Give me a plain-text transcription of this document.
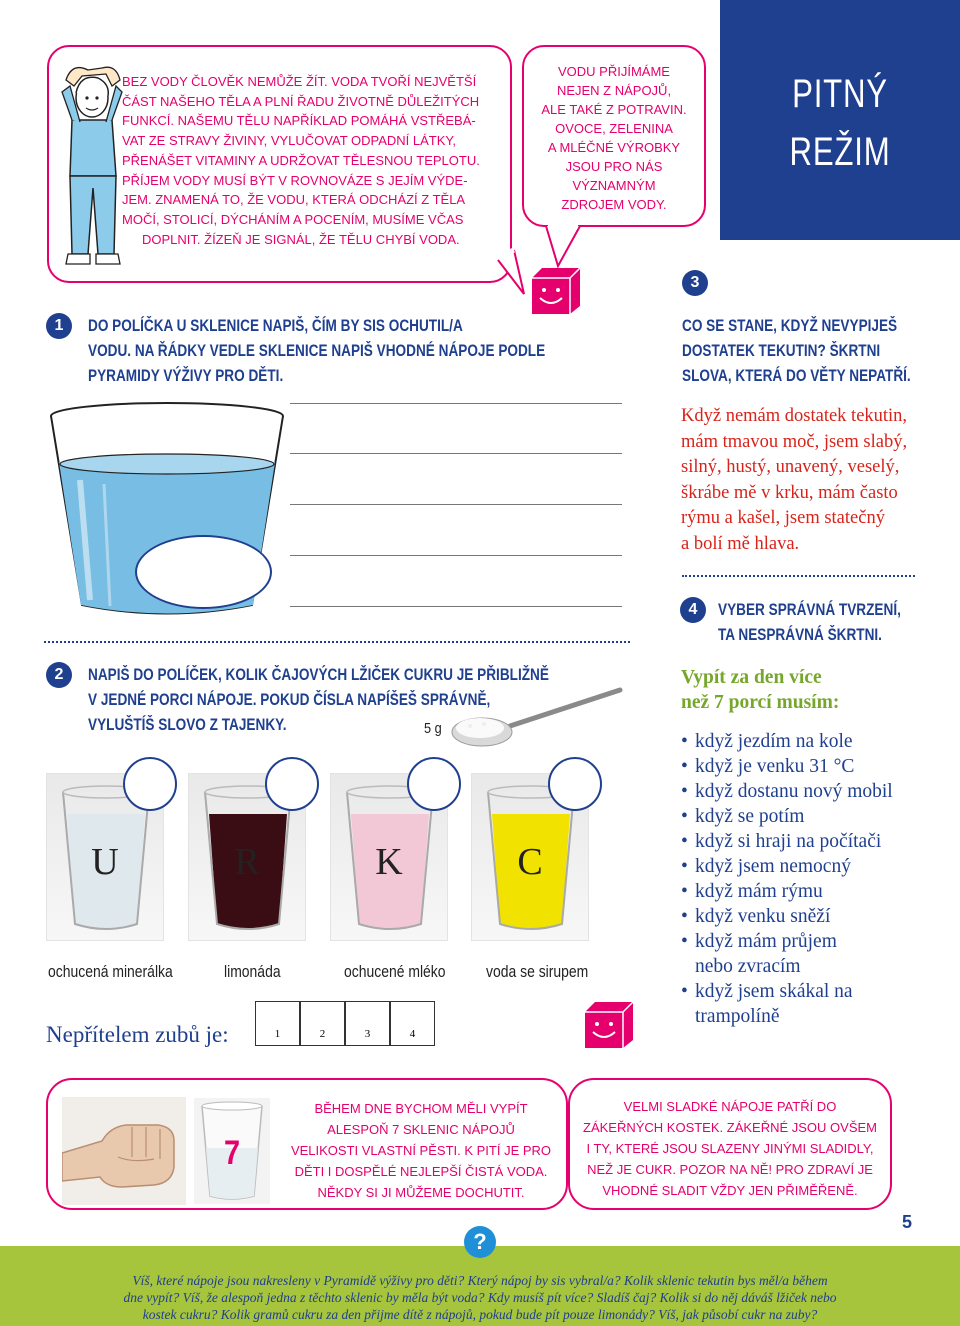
PITNÝ
REŽIM
BEZ VODY ČLOVĚK NEMŮŽE ŽÍT. VODA TVOŘÍ NEJVĚTŠÍ
ČÁST NAŠEHO TĚLA A PLNÍ ŘADU ŽIVOTNĚ DŮLEŽITÝCH
FUNKCÍ. NAŠEMU TĚLU NAPŘÍKLAD POMÁHÁ VSTŘEBÁ-
VAT ZE STRAVY ŽIVINY, VYLUČOVAT ODPADNÍ LÁTKY,
PŘENÁŠET VITAMINY A UDRŽOVAT TĚLESNOU TEPLOTU.
PŘÍJEM VODY MUSÍ BÝT V ROVNOVÁZE S JEJÍM VÝDE-
JEM. ZNAMENÁ TO, ŽE VODU, KTERÁ ODCHÁZÍ Z TĚLA
MOČÍ, STOLICÍ, DÝCHÁNÍM A POCENÍM, MUSÍME VČAS
DOPLNIT. ŽÍZEŇ JE SIGNÁL, ŽE TĚLU CHYBÍ VODA.
VODU PŘIJÍMÁME
NEJEN Z NÁPOJŮ,
ALE TAKÉ Z POTRAVIN.
OVOCE, ZELENINA
A MLÉČNÉ VÝROBKY
JSOU PRO NÁS
VÝZNAMNÝM
ZDROJEM VODY.
1	DO POLÍČKA U SKLENICE NAPIŠ, ČÍM BY SIS OCHUTIL/A
VODU. NA ŘÁDKY VEDLE SKLENICE NAPIŠ VHODNÉ NÁPOJE PODLE
PYRAMIDY VÝŽIVY PRO DĚTI.
2	NAPIŠ DO POLÍČEK, KOLIK ČAJOVÝCH LŽIČEK CUKRU JE PŘIBLIŽNĚ
V JEDNÉ PORCI NÁPOJE. POKUD ČÍSLA NAPÍŠEŠ SPRÁVNĚ,
VYLUŠTÍŠ SLOVO Z TAJENKY.	5 g
U	R	K	C
ochucená minerálka	limonáda	ochucené mléko voda se sirupem
Nepřítelem zubů je:	1	2	3	4
3
CO SE STANE, KDYŽ NEVYPIJEŠ
DOSTATEK TEKUTIN? ŠKRTNI
SLOVA, KTERÁ DO VĚTY NEPATŘÍ.
Když nemám dostatek tekutin,
mám tmavou moč, jsem slabý,
silný, hustý, unavený, veselý,
škrábe mě v krku, mám často
rýmu a kašel, jsem statečný
a bolí mě hlava.
4	VYBER SPRÁVNÁ TVRZENÍ,
TA NESPRÁVNÁ ŠKRTNI.
Vypít za den více
než 7 porcí musím:
• když jezdím na kole
• když je venku 31 °C
• když dostanu nový mobil
• když se potím
• když si hraji na počítači
• když jsem nemocný
• když mám rýmu
• když venku sněží
• když mám průjem
nebo zvracím
• když jsem skákal na
trampolíně
7
BĚHEM DNE BYCHOM MĚLI VYPÍT
ALESPOŇ 7 SKLENIC NÁPOJŮ
VELIKOSTI VLASTNÍ PĚSTI. K PITÍ JE PRO
DĚTI I DOSPĚLÉ NEJLEPŠÍ ČISTÁ VODA.
NĚKDY SI JI MŮŽEME DOCHUTIT.
VELMI SLADKÉ NÁPOJE PATŘÍ DO
ZÁKEŘNÝCH KOSTEK. ZÁKEŘNÉ JSOU OVŠEM
I TY, KTERÉ JSOU SLAZENY JINÝMI SLADIDLY,
NEŽ JE CUKR. POZOR NA NĚ! PRO ZDRAVÍ JE
VHODNÉ SLADIT VŽDY JEN PŘIMĚŘENĚ.
?
5
Víš, které nápoje jsou nakresleny v Pyramidě výživy pro děti? Který nápoj by sis vybral/a? Kolik sklenic tekutin bys měl/a během
dne vypít? Víš, že alespoň jedna z těchto sklenic by měla být voda? Kdy musíš pít více? Sladíš čaj? Kolik si do něj dáváš lžiček nebo
kostek cukru? Kolik gramů cukru za den přijme dítě z nápojů, pokud bude pít pouze limonády? Víš, jak působí cukr na zuby?
